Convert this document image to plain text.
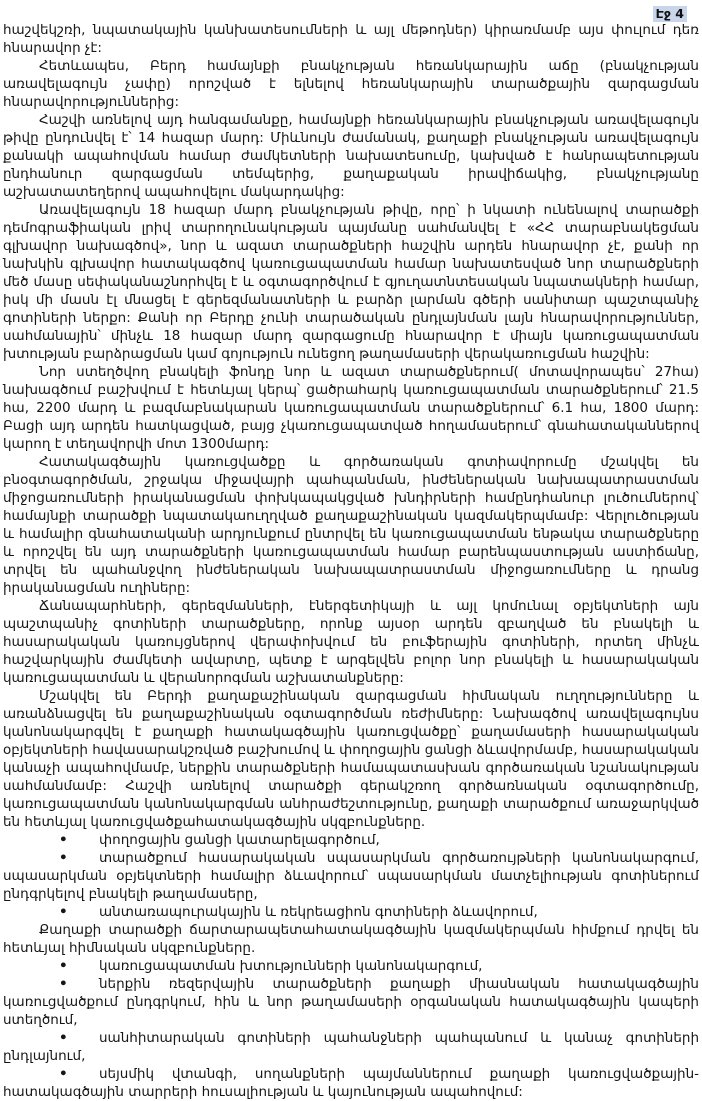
Էջ 4

հաշվեկշռի, նպատակային կանխատեսումների և այլ մեթոդներ) կիրառմամբ այս փուլում դեռ հնարավոր չէ:

Հետևապես, Բերդ համայնքի բնակչության հեռանկարային աճը (բնակչության առավելագույն չափը) որոշված է ելնելով հեռանկարային տարածքային զարգացման հնարավորություններից:

Հաշվի առնելով այդ հանգամանքը, համայնքի հեռանկարային բնակչության առավելագույն թիվը ընդունվել է՝ 14 հազար մարդ: Միևնույն ժամանակ, քաղաքի բնակչության առավելագույն քանակի ապահովման համար ժամկետների նախատեսումը, կախված է հանրապետության ընդհանուր զարգացման տեմպերից, քաղաքական իրավիճակից, բնակչությանը աշխատատեղերով ապահովելու մակարդակից:

Առավելագույն 18 հազար մարդ բնակչության թիվը, որը՝ ի նկատի ունենալով տարածքի դեմոգրաֆիական լրիվ տարողունակության պայմանը սահմանվել է «ՀՀ տարաբնակեցման գլխավոր նախագծով», նոր և ազատ տարածքների հաշվին արդեն հնարավոր չէ, քանի որ նախկին գլխավոր հատակագծով կառուցապատման համար նախատեսված նոր տարածքների մեծ մասը սեփականաշնորհվել է և օգտագործվում է գյուղատնտեսական նպատակների համար, իսկ մի մասն էլ մնացել է գերեզմանատների և բարձր լարման գծերի սանիտար պաշտպանիչ գոտիների ներքո: Քանի որ Բերդը չունի տարածական ընդլայնման լայն հնարավորություններ, սահմանային՝ մինչև 18 հազար մարդ զարգացումը հնարավոր է միայն կառուցապատման խտության բարձրացման կամ գոյություն ունեցող թաղամասերի վերակառուցման հաշվին:

Նոր ստեղծվող բնակելի ֆոնդը նոր և ազատ տարածքներում( մոտավորապես՝ 27հա) նախագծում բաշխվում է հետևյալ կերպ՝ ցածրահարկ կառուցապատման տարածքներում՝ 21.5 հա, 2200 մարդ և բազմաբնակարան կառուցապատման տարածքներում՝ 6.1 հա, 1800 մարդ: Բացի այդ արդեն հատկացված, բայց չկառուցապատված հողամասերում՝ գնահատականներով կարող է տեղավորվի մոտ 1300մարդ:

Հատակագծային կառուցվածքը և գործառական գոտիավորումը մշակվել են բնօգտագործման, շրջակա միջավայրի պահպանման, ինժեներական նախապատրաստման միջոցառումների իրականացման փոխկապակցված խնդիրների համընդհանուր լուծումներով՝ համայնքի տարածքի նպատակաուղղված քաղաքաշինական կազմակերպմամբ: Վերլուծության և համալիր գնահատականի արդյունքում ընտրվել են կառուցապատման ենթակա տարածքները և որոշվել են այդ տարածքների կառուցապատման համար բարենպաստության աստիճանը, տրվել են պահանջվող ինժեներական նախապատրաստման միջոցառումները և դրանց իրականացման ուղիները:

Ճանապարհների, գերեզմանների, էներգետիկայի և այլ կոմունալ օբյեկտների այն պաշտպանիչ գոտիների տարածքները, որոնք այսօր արդեն զբաղված են բնակելի և հասարակական կառույցներով վերափոխվում են բուֆերային գոտիների, որտեղ մինչև հաշվարկային ժամկետի ավարտը, պետք է արգելվեն բոլոր նոր բնակելի և հասարակական կառուցապատման և վերանորոգման աշխատանքները:

Մշակվել են Բերդի քաղաքաշինական զարգացման հիմնական ուղղությունները և առանձնացվել են քաղաքաշինական օգտագործման ռեժիմները: Նախագծով առավելագույնս կանոնակարգվել է քաղաքի հատակագծային կառուցվածքը՝ քաղամասերի հասարակական օբյեկտների հավասարակշռված բաշխումով և փողոցային ցանցի ձևավորմամբ, հասարակական կանաչի ապահովմամբ, ներքին տարածքների համապատասխան գործառական նշանակության սահմանմամբ: Հաշվի առնելով տարածքի գերակշռող գործառնական օգտագործումը, կառուցապատման կանոնակարգման անհրաժեշտությունը, քաղաքի տարածքում առաջարկված են հետևյալ կառուցվածքահատակագծային սկզբունքները.

• փողոցային ցանցի կատարելագործում,

• տարածքում հասարակական սպասարկման գործառույթների կանոնակարգում, սպասարկման օբյեկտների համալիր ձևավորում՝ սպասարկման մատչելիության գոտիներում ընդգրկելով բնակելի թաղամասերը,

• անտառապուրակային և ռեկրեացիոն գոտիների ձևավորում,

Քաղաքի տարածքի ճարտարապետահատակագծային կազմակերպման հիմքում դրվել են հետևյալ հիմնական սկզբունքները.

• կառուցապատման խտությունների կանոնակարգում,

• ներքին ռեզերվային տարածքների քաղաքի միասնական հատակագծային կառուցվածքում ընդգրկում, հին և նոր թաղամասերի օրգանական հատակագծային կապերի ստեղծում,

• սանհիտարական գոտիների պահանջների պահպանում և կանաչ գոտիների ընդլայնում,

• սեյսմիկ վտանգի, սողանքների պայմաններում քաղաքի կառուցվածքային-հատակագծային տարրերի հուսալիության և կայունության ապահովում:
